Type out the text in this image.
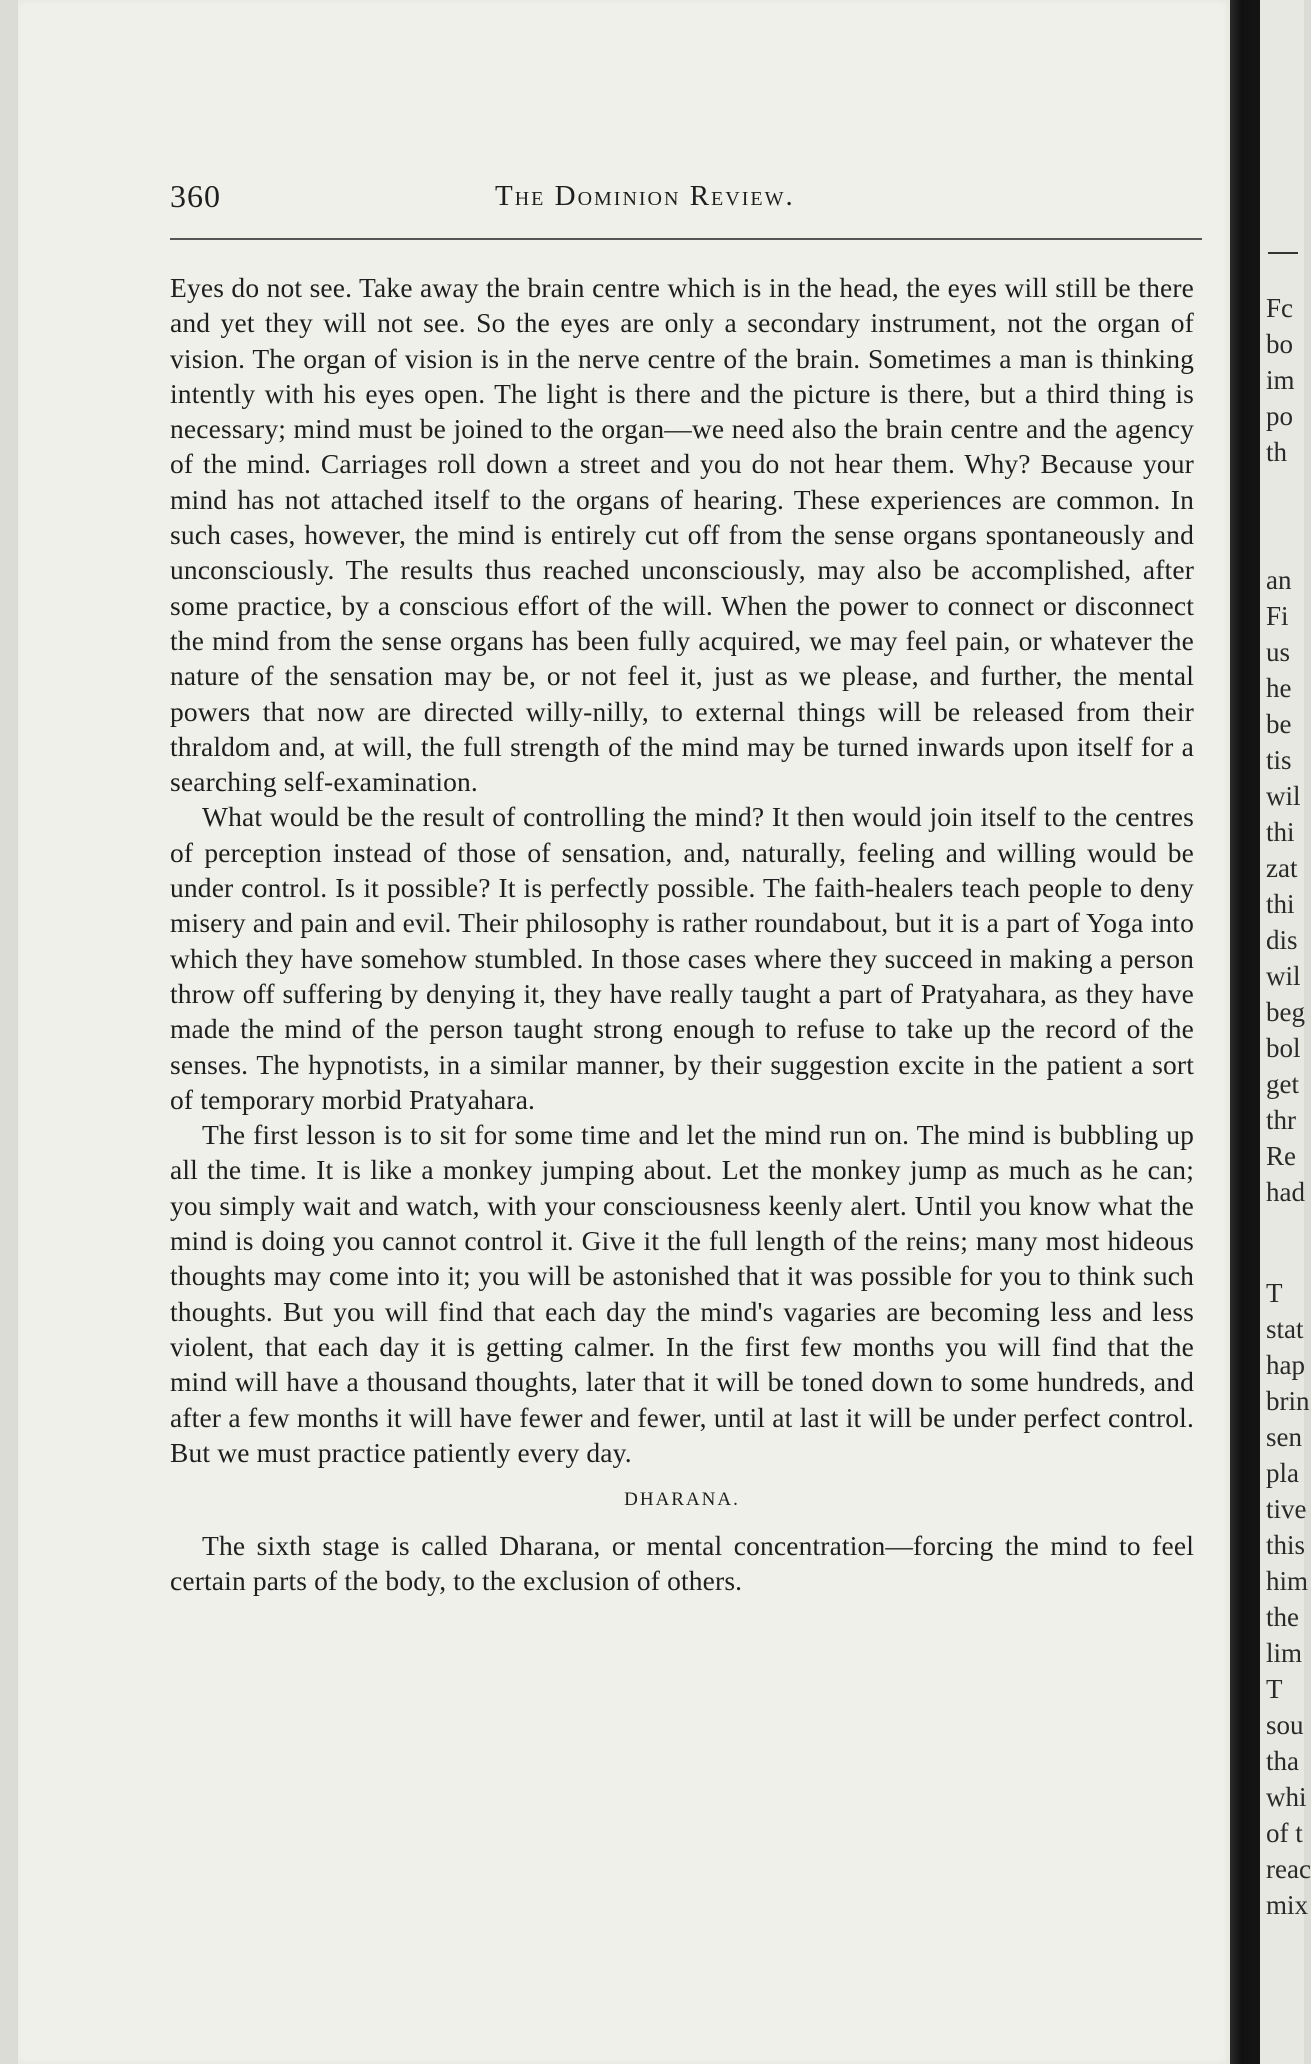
360	The Dominion Review.

Eyes do not see. Take away the brain centre which is in the head, the eyes will still be there and yet they will not see. So the eyes are only a secondary instrument, not the organ of vision. The organ of vision is in the nerve centre of the brain. Sometimes a man is thinking intently with his eyes open. The light is there and the picture is there, but a third thing is necessary; mind must be joined to the organ—we need also the brain centre and the agency of the mind. Carriages roll down a street and you do not hear them. Why? Because your mind has not attached itself to the organs of hearing. These experiences are common. In such cases, however, the mind is entirely cut off from the sense organs spontaneously and unconsciously. The results thus reached unconsciously, may also be accomplished, after some practice, by a conscious effort of the will. When the power to connect or disconnect the mind from the sense organs has been fully acquired, we may feel pain, or whatever the nature of the sensation may be, or not feel it, just as we please, and further, the mental powers that now are directed willy-nilly, to external things will be released from their thraldom and, at will, the full strength of the mind may be turned inwards upon itself for a searching self-examination.

What would be the result of controlling the mind? It then would join itself to the centres of perception instead of those of sensation, and, naturally, feeling and willing would be under control. Is it possible? It is perfectly possible. The faith-healers teach people to deny misery and pain and evil. Their philosophy is rather roundabout, but it is a part of Yoga into which they have somehow stumbled. In those cases where they succeed in making a person throw off suffering by denying it, they have really taught a part of Pratyahara, as they have made the mind of the person taught strong enough to refuse to take up the record of the senses. The hypnotists, in a similar manner, by their suggestion excite in the patient a sort of temporary morbid Pratyahara.

The first lesson is to sit for some time and let the mind run on. The mind is bubbling up all the time. It is like a monkey jumping about. Let the monkey jump as much as he can; you simply wait and watch, with your consciousness keenly alert. Until you know what the mind is doing you cannot control it. Give it the full length of the reins; many most hideous thoughts may come into it; you will be astonished that it was possible for you to think such thoughts. But you will find that each day the mind's vagaries are becoming less and less violent, that each day it is getting calmer. In the first few months you will find that the mind will have a thousand thoughts, later that it will be toned down to some hundreds, and after a few months it will have fewer and fewer, until at last it will be under perfect control. But we must practice patiently every day.

DHARANA.

The sixth stage is called Dharana, or mental concentration—forcing the mind to feel certain parts of the body, to the exclusion of others.

Fc
bo
im
po
th
an
Fi
us
he
be
tis
wil
thi
zat
thi
dis
wil
beg
bol
get
thr
Re
had
T
stat
hap
brin
sen
pla
tive
this
him
the
lim
T
sou
tha
whi
of t
reac
mix
